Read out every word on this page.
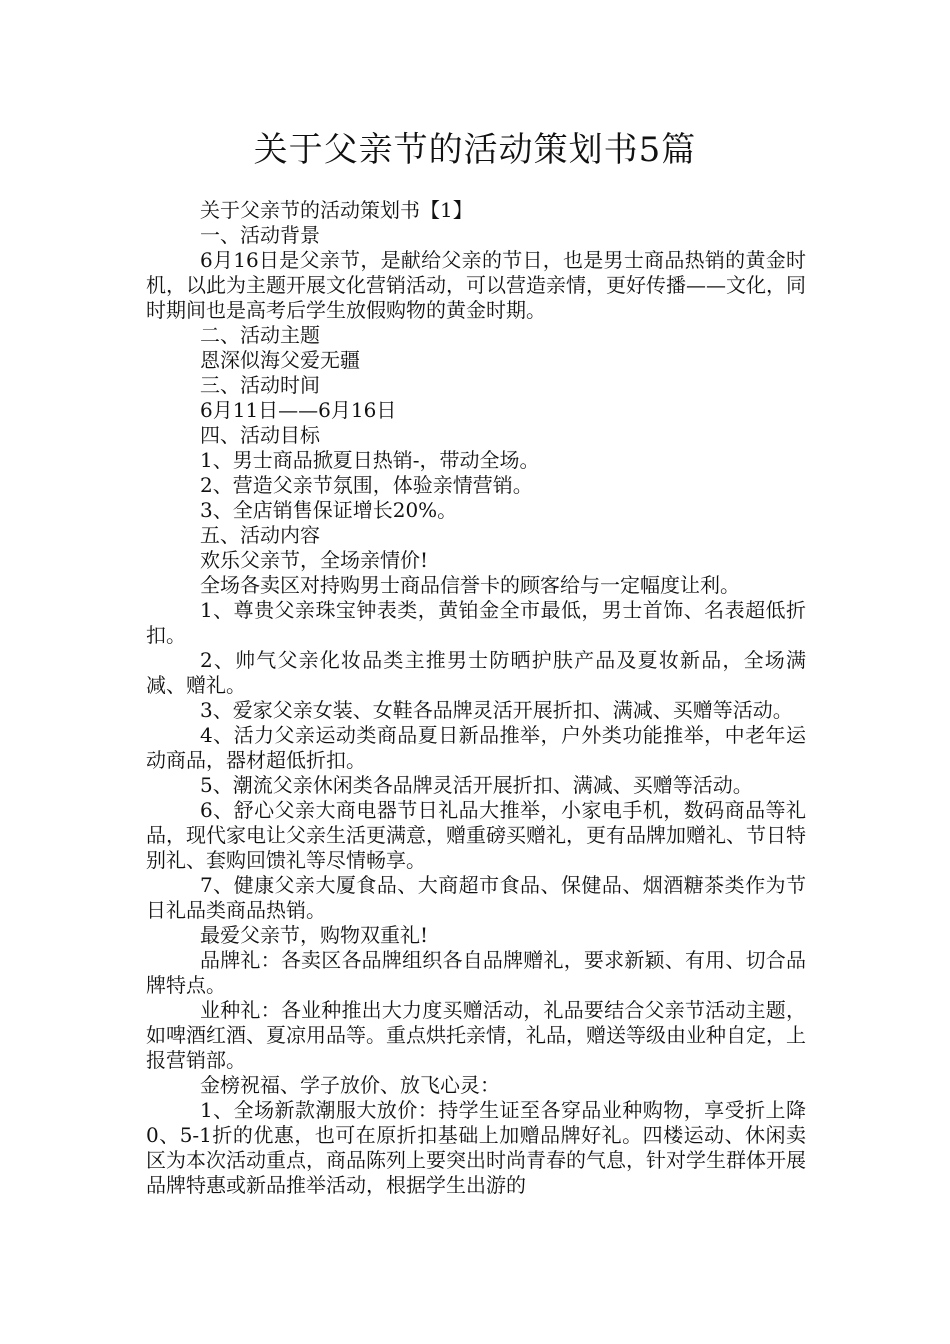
关于父亲节的活动策划书5篇

关于父亲节的活动策划书【1】

一、活动背景

6月16日是父亲节，是献给父亲的节日，也是男士商品热销的黄金时机，以此为主题开展文化营销活动，可以营造亲情，更好传播——文化，同时期间也是高考后学生放假购物的黄金时期。

二、活动主题

恩深似海父爱无疆

三、活动时间

6月11日——6月16日

四、活动目标

1、男士商品掀夏日热销-，带动全场。

2、营造父亲节氛围，体验亲情营销。

3、全店销售保证增长20%。

五、活动内容

欢乐父亲节，全场亲情价!

全场各卖区对持购男士商品信誉卡的顾客给与一定幅度让利。

1、尊贵父亲珠宝钟表类，黄铂金全市最低，男士首饰、名表超低折扣。

2、帅气父亲化妆品类主推男士防晒护肤产品及夏妆新品，全场满减、赠礼。

3、爱家父亲女装、女鞋各品牌灵活开展折扣、满减、买赠等活动。

4、活力父亲运动类商品夏日新品推举，户外类功能推举，中老年运动商品，器材超低折扣。

5、潮流父亲休闲类各品牌灵活开展折扣、满减、买赠等活动。

6、舒心父亲大商电器节日礼品大推举，小家电手机，数码商品等礼品，现代家电让父亲生活更满意，赠重磅买赠礼，更有品牌加赠礼、节日特别礼、套购回馈礼等尽情畅享。

7、健康父亲大厦食品、大商超市食品、保健品、烟酒糖茶类作为节日礼品类商品热销。

最爱父亲节，购物双重礼!

品牌礼：各卖区各品牌组织各自品牌赠礼，要求新颖、有用、切合品牌特点。

业种礼：各业种推出大力度买赠活动，礼品要结合父亲节活动主题，如啤酒红酒、夏凉用品等。重点烘托亲情，礼品，赠送等级由业种自定，上报营销部。

金榜祝福、学子放价、放飞心灵：

1、全场新款潮服大放价：持学生证至各穿品业种购物，享受折上降0、5-1折的优惠，也可在原折扣基础上加赠品牌好礼。四楼运动、休闲卖区为本次活动重点，商品陈列上要突出时尚青春的气息，针对学生群体开展品牌特惠或新品推举活动，根据学生出游的
